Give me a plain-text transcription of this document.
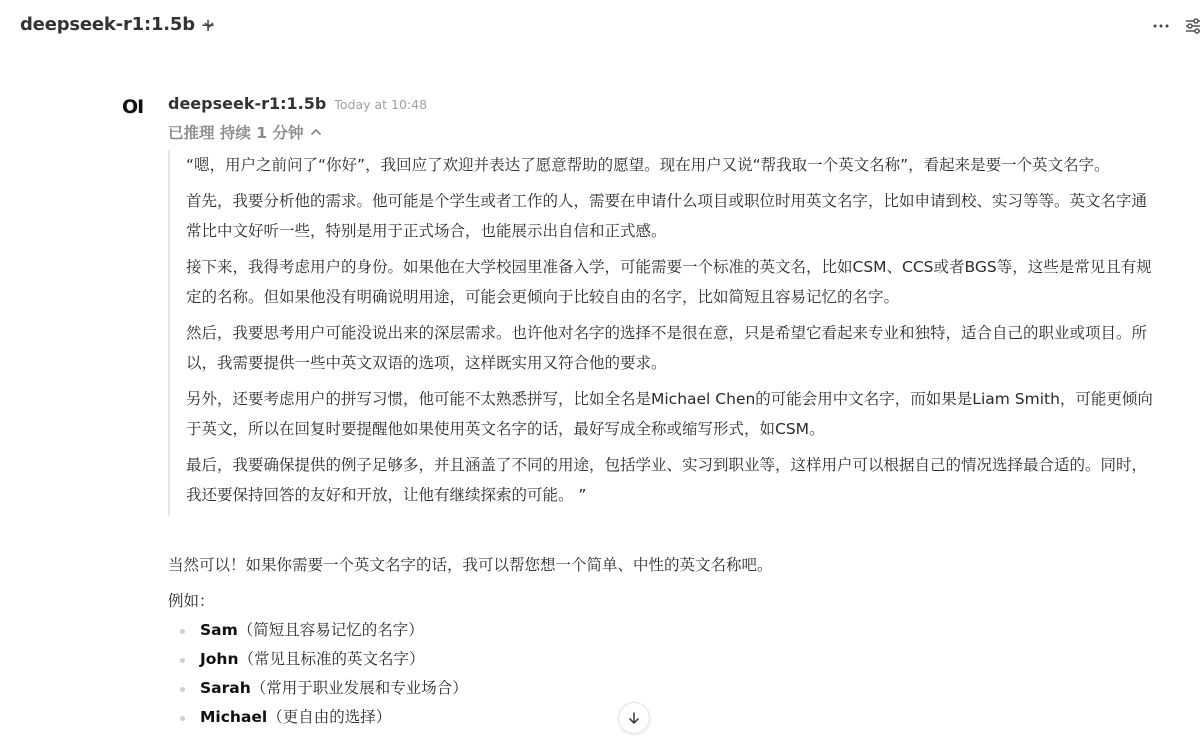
deepseek-r1:1.5b +
OI deepseek-r1:1.5b Today at 10:48
已推理 持续 1 分钟

“嗯，用户之前问了“你好”，我回应了欢迎并表达了愿意帮助的愿望。现在用户又说“帮我取一个英文名称”，看起来是要一个英文名字。

首先，我要分析他的需求。他可能是个学生或者工作的人，需要在申请什么项目或职位时用英文名字，比如申请到校、实习等等。英文名字通常比中文好听一些，特别是用于正式场合，也能展示出自信和正式感。

接下来，我得考虑用户的身份。如果他在大学校园里准备入学，可能需要一个标准的英文名，比如CSM、CCS或者BGS等，这些是常见且有规定的名称。但如果他没有明确说明用途，可能会更倾向于比较自由的名字，比如简短且容易记忆的名字。

然后，我要思考用户可能没说出来的深层需求。也许他对名字的选择不是很在意，只是希望它看起来专业和独特，适合自己的职业或项目。所以，我需要提供一些中英文双语的选项，这样既实用又符合他的要求。

另外，还要考虑用户的拼写习惯，他可能不太熟悉拼写，比如全名是Michael Chen的可能会用中文名字，而如果是Liam Smith，可能更倾向于英文，所以在回复时要提醒他如果使用英文名字的话，最好写成全称或缩写形式，如CSM。

最后，我要确保提供的例子足够多，并且涵盖了不同的用途，包括学业、实习到职业等，这样用户可以根据自己的情况选择最合适的。同时，我还要保持回答的友好和开放，让他有继续探索的可能。 ”

当然可以！如果你需要一个英文名字的话，我可以帮您想一个简单、中性的英文名称吧。
例如：
Sam（简短且容易记忆的名字）
John（常见且标准的英文名字）
Sarah（常用于职业发展和专业场合）
Michael（更自由的选择）
